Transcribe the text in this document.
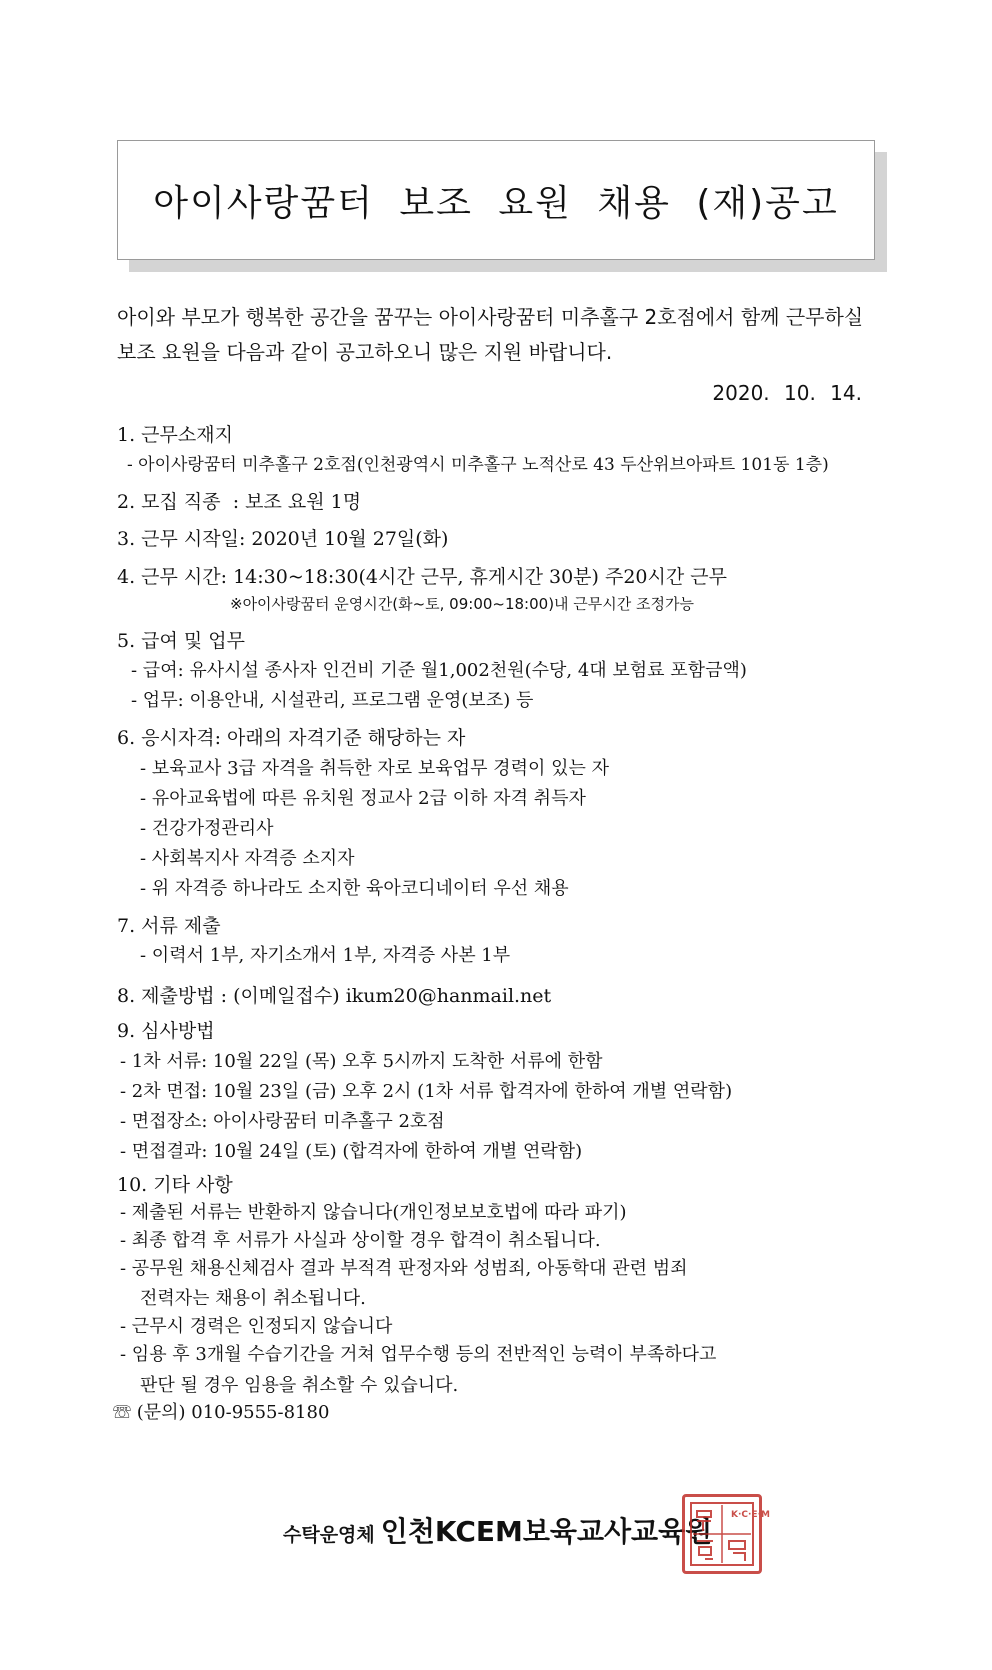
아이사랑꿈터 보조 요원 채용 (재)공고
아이와 부모가 행복한 공간을 꿈꾸는 아이사랑꿈터 미추홀구 2호점에서 함께 근무하실 보조 요원을 다음과 같이 공고하오니 많은 지원 바랍니다.
2020. 10. 14.
1. 근무소재지
- 아이사랑꿈터 미추홀구 2호점(인천광역시 미추홀구 노적산로 43 두산위브아파트 101동 1층)
2. 모집 직종  : 보조 요원 1명
3. 근무 시작일: 2020년 10월 27일(화)
4. 근무 시간: 14:30~18:30(4시간 근무, 휴게시간 30분) 주20시간 근무
※아이사랑꿈터 운영시간(화~토, 09:00~18:00)내 근무시간 조정가능
5. 급여 및 업무
- 급여: 유사시설 종사자 인건비 기준 월1,002천원(수당, 4대 보험료 포함금액)
- 업무: 이용안내, 시설관리, 프로그램 운영(보조) 등
6. 응시자격: 아래의 자격기준 해당하는 자
- 보육교사 3급 자격을 취득한 자로 보육업무 경력이 있는 자
- 유아교육법에 따른 유치원 정교사 2급 이하 자격 취득자
- 건강가정관리사
- 사회복지사 자격증 소지자
- 위 자격증 하나라도 소지한 육아코디네이터 우선 채용
7. 서류 제출
- 이력서 1부, 자기소개서 1부, 자격증 사본 1부
8. 제출방법 : (이메일접수) ikum20@hanmail.net
9. 심사방법
- 1차 서류: 10월 22일 (목) 오후 5시까지 도착한 서류에 한함
- 2차 면접: 10월 23일 (금) 오후 2시 (1차 서류 합격자에 한하여 개별 연락함)
- 면접장소: 아이사랑꿈터 미추홀구 2호점
- 면접결과: 10월 24일 (토) (합격자에 한하여 개별 연락함)
10. 기타 사항
- 제출된 서류는 반환하지 않습니다(개인정보보호법에 따라 파기)
- 최종 합격 후 서류가 사실과 상이할 경우 합격이 취소됩니다.
- 공무원 채용신체검사 결과 부적격 판정자와 성범죄, 아동학대 관련 범죄
전력자는 채용이 취소됩니다.
- 근무시 경력은 인정되지 않습니다
- 임용 후 3개월 수습기간을 거쳐 업무수행 등의 전반적인 능력이 부족하다고
판단 될 경우 임용을 취소할 수 있습니다.
☏ (문의) 010-9555-8180
수탁운영체 인천KCEM보육교사교육원 K·C·E·M
